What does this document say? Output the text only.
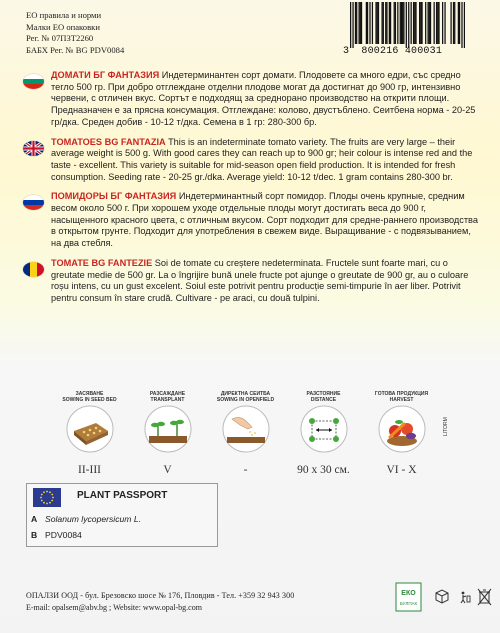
ЕО правила и норми
Малки ЕО опаковки
Рег. № 07ПЗТ2260
БАБХ Рег. № BG PDV0084	3 800216 400031
ДОМАТИ БГ ФАНТАЗИЯ Индетерминантен сорт домати. Плодовете са много едри, със средно тегло 500 гр. При добро отглеждане отделни плодове могат да достигнат до 900 гр, интензивно червени, с отличен вкус. Сортът е подходящ за среднорано производство на открити площи. Предназначен е за прясна консумация. Отглеждане: колово, двустъблено. Сеитбена норма - 20-25 гр/дка. Среден добив - 10-12 т/дка. Семена в 1 гр: 280-300 бр.
TOMATOES BG FANTAZIA This is an indeterminate tomato variety. The fruits are very large – their average weight is 500 g. With good cares they can reach up to 900 gr; heir colour is intense red and the taste - excellent. This variety is suitable for mid-season open field production. It is intended for fresh consumption. Seeding rate - 20-25 gr./dka. Average yield: 10-12 t/dec. 1 gram contains 280-300 br.
ПОМИДОРЫ БГ ФАНТАЗИЯ Индетерминантный сорт помидор. Плоды очень крупные, средним весом около 500 г. При хорошем уходе отдельные плоды могут достигать веса до 900 г, насыщенного красного цвета, с отличным вкусом. Сорт подходит для средне-раннего производства в открытом грунте. Подходит для употребления в свежем виде. Выращивание - с подвязыванием, на два стебля.
TOMATE BG FANTEZIE Soi de tomate cu creștere nedeterminata. Fructele sunt foarte mari, cu o greutate medie de 500 gr. La o îngrijire bună unele fructe pot ajunge o greutate de 900 gr, au o culoare roșu intens, cu un gust excelent. Soiul este potrivit pentru producție semi-timpurie în aer liber. Potrivit pentru consum în stare crudă. Cultivare - pe araci, cu două tulpini.
ЗАСЯВАНЕ
SOWING IN SEED BED
II-III
РАЗСАЖДАНЕ
TRANSPLANT
V
ДИРЕКТНА СЕИТБА
SOWING IN OPENFIELD
-
РАЗСТОЯНИЕ
DISTANCE
90 x 30 см.
ГОТОВА ПРОДУКЦИЯ
HARVEST
VI - X
LITORM
PLANT PASSPORT
A Solanum lycopersicum L.
B PDV0084
ОПАЛЗИ ООД - бул. Брезовско шосе № 176, Пловдив - Тел. +359 32 943 300
E-mail: opalsem@abv.bg ; Website: www.opal-bg.com
ЕКО
БУЛПАК
